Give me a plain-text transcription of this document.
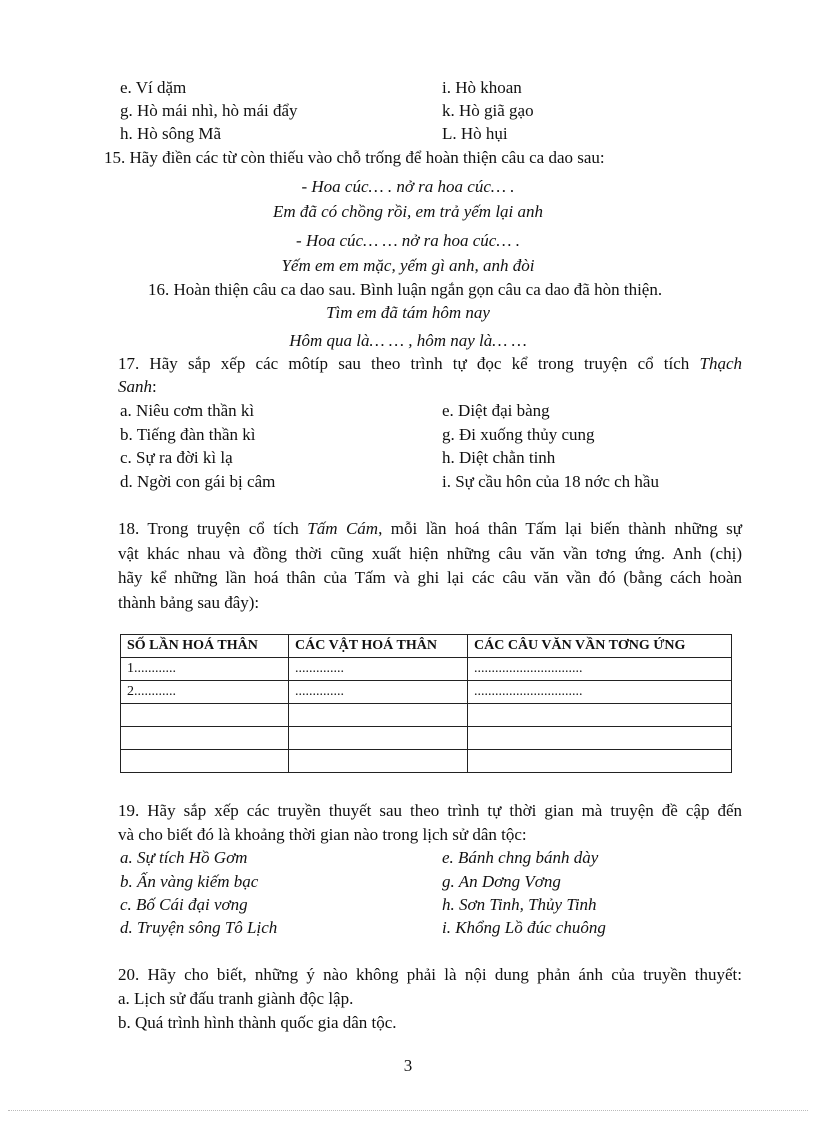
e. Ví dặm	i. Hò khoan
g. Hò mái nhì, hò mái đẩy	k. Hò giã gạo
h. Hò sông Mã	L. Hò hụi
15. Hãy điền các từ còn thiếu vào chỗ trống để hoàn thiện câu ca dao sau:
- Hoa cúc… . nở ra hoa cúc… .
Em đã có chồng rồi, em trả yếm lại anh
- Hoa cúc… … nở ra hoa cúc… .
Yếm em em mặc, yếm gì anh, anh đòi
16. Hoàn thiện câu ca dao sau. Bình luận ngắn gọn câu ca dao đã hòn thiện.
Tìm em đã tám hôm nay
Hôm qua là… … , hôm nay là… …
17. Hãy sắp xếp các môtíp sau theo trình tự đọc kể trong truyện cổ tích Thạch
Sanh:
a. Niêu cơm thần kì	e. Diệt đại bàng
b. Tiếng đàn thần kì	g. Đi xuống thủy cung
c. Sự ra đời kì lạ	h. Diệt chằn tinh
d. Ngời con gái bị câm	i. Sự cầu hôn của 18 nớc ch hầu
18. Trong truyện cổ tích Tấm Cám, mỗi lần hoá thân Tấm lại biến thành những sự
vật khác nhau và đồng thời cũng xuất hiện những câu văn vần tơng ứng. Anh (chị)
hãy kể những lần hoá thân của Tấm và ghi lại các câu văn vần đó (bằng cách hoàn
thành bảng sau đây):
SỐ LẦN HOÁ THÂN	CÁC VẬT HOÁ THÂN	CÁC CÂU VĂN VẦN TƠNG ỨNG
1............	..............	...............................
2............	..............	...............................

19. Hãy sắp xếp các truyền thuyết sau theo trình tự thời gian mà truyện đề cập đến
và cho biết đó là khoảng thời gian nào trong lịch sử dân tộc:
a. Sự tích Hồ Gơm	e. Bánh chng bánh dày
b. Ấn vàng kiếm bạc	g. An Dơng Vơng
c. Bố Cái đại vơng	h. Sơn Tinh, Thủy Tinh
d. Truyện sông Tô Lịch	i. Khổng Lồ đúc chuông
20. Hãy cho biết, những ý nào không phải là nội dung phản ánh của truyền thuyết:
a. Lịch sử đấu tranh giành độc lập.
b. Quá trình hình thành quốc gia dân tộc.
3
